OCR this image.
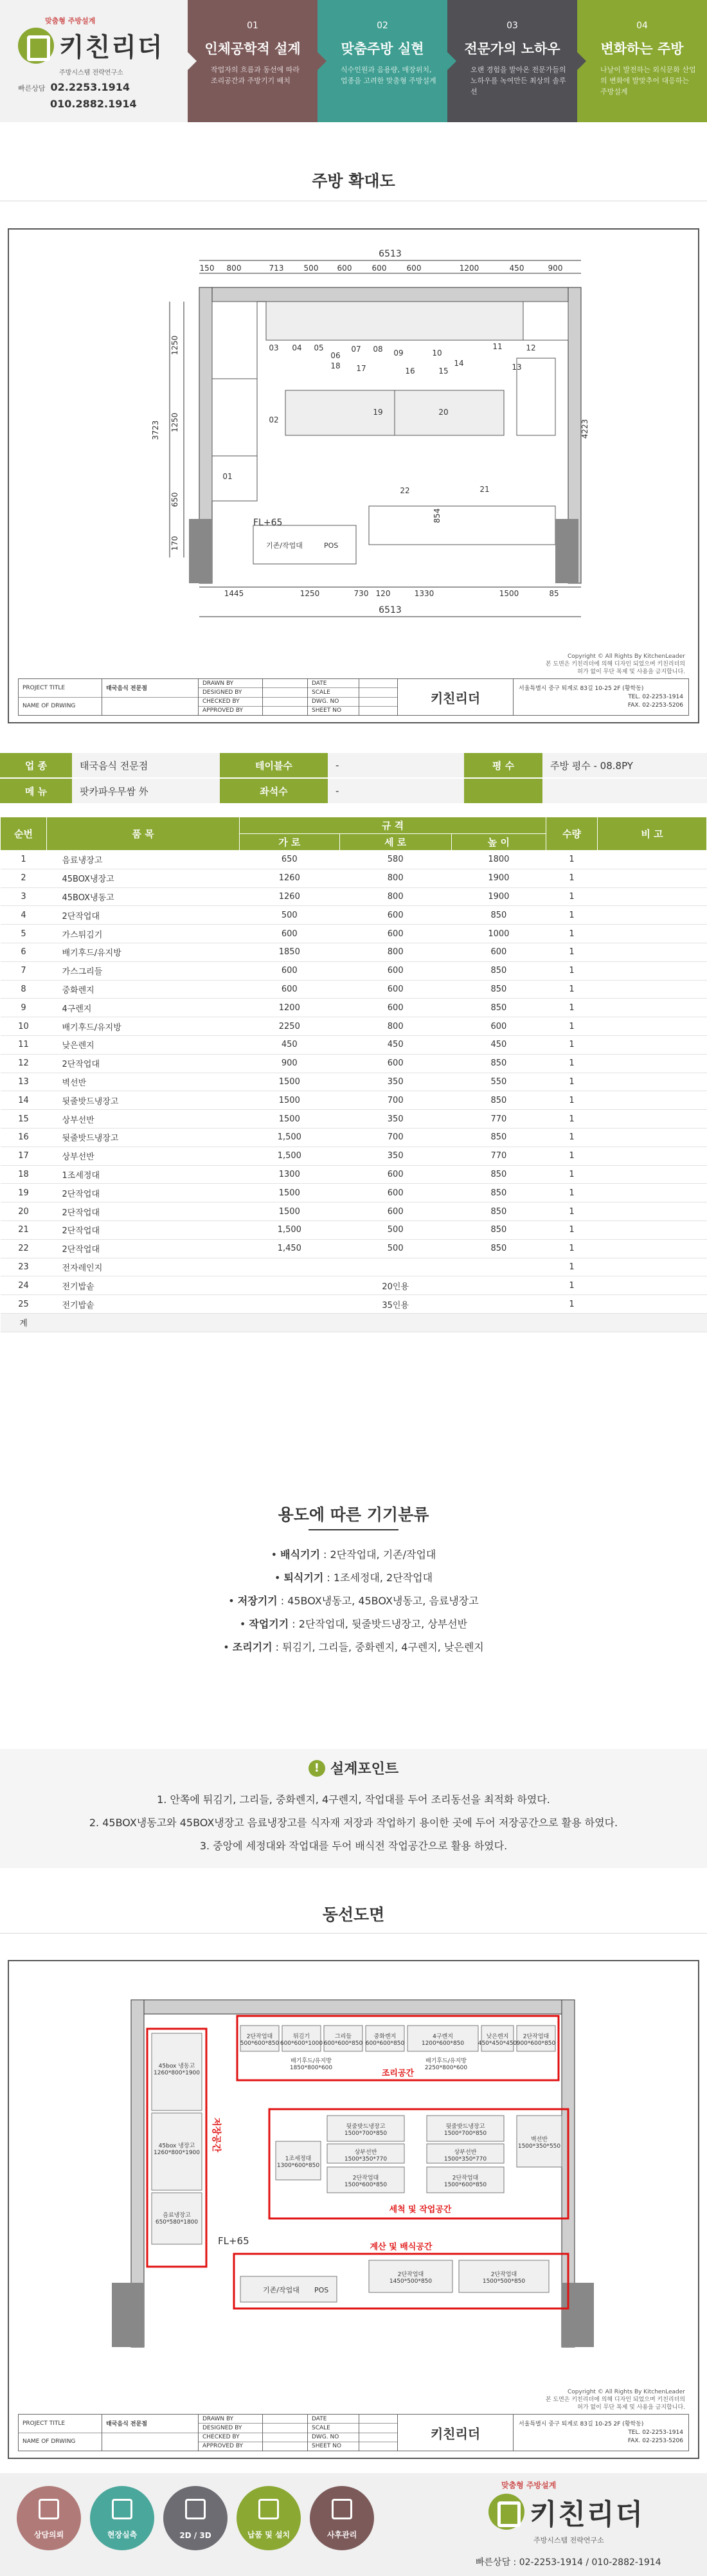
맞춤형 주방설계
키친리더
주방시스템 전략연구소
빠른상담 02.2253.1914
010.2882.1914
01
인체공학적 설계
작업자의 흐름과 동선에 따라 조리공간과 주방기기 배치
02
맞춤주방 실현
식수인원과 음용량, 매장위치, 업종을 고려한 맞춤형 주방설계
03
전문가의 노하우
오랜 경험을 발아온 전문가들의 노하우를 녹여만든 최상의 솔루션
04
변화하는 주방
나날이 발전하는 외식문화 산업의 변화에 발맞추어 대응하는 주방설계
주방 확대도
6513
150 800	713	500 600	600	600	1200	450	900
3723
1250
1250
650
170
4223
FL+65
기존/작업대	POS
854
01
02
03 04 05
06
07 08 09	10
11	12
13
14
15
16
17
18
19	20
21
22
1445	1250	730 120	1330	1500	85
6513
Copyright © All Rights By KitchenLeader
본 도면은 키친리더에 의해 디자인 되었으며 키친리더의
허가 없이 무단 복제 및 사용을 금지합니다.
PROJECT TITLE
NAME OF DRWING
태국음식 전문점
DRAWN BY
DESIGNED BY
CHECKED BY
APPROVED BY
DATE
SCALE
DWG. NO
SHEET NO
키친리더
서울특별시 중구 퇴계로 83길 10-25 2F (황학동)
TEL. 02-2253-1914
FAX. 02-2253-5206
업 종	태국음식 전문점	테이블수	-	평 수	주방 평수 - 08.8PY
메 뉴	팟카파우무쌈 外	좌석수	-
순번	품 목	규 격			수량	비 고
		가 로	세 로	높 이		
1	음료냉장고	650	580	1800	1	
2	45BOX냉장고	1260	800	1900	1	
3	45BOX냉동고	1260	800	1900	1	
4	2단작업대	500	600	850	1	
5	가스튀김기	600	600	1000	1	
6	배기후드/유지방	1850	800	600	1	
7	가스그리들	600	600	850	1	
8	중화렌지	600	600	850	1	
9	4구렌지	1200	600	850	1	
10	배기후드/유지방	2250	800	600	1	
11	낮은렌지	450	450	450	1	
12	2단작업대	900	600	850	1	
13	벽선반	1500	350	550	1	
14	뒷줄밧드냉장고	1500	700	850	1	
15	상부선반	1500	350	770	1	
16	뒷줄밧드냉장고	1,500	700	850	1	
17	상부선반	1,500	350	770	1	
18	1조세정대	1300	600	850	1	
19	2단작업대	1500	600	850	1	
20	2단작업대	1500	600	850	1	
21	2단작업대	1,500	500	850	1	
22	2단작업대	1,450	500	850	1	
23	전자레인지				1	
24	전기밥솥		20인용		1	
25	전기밥솥		35인용		1	
계						
용도에 따른 기기분류
• 배식기기 : 2단작업대, 기존/작업대
• 퇴식기기 : 1조세정대, 2단작업대
• 저장기기 : 45BOX냉동고, 45BOX냉동고, 음료냉장고
• 작업기기 : 2단작업대, 뒷줄밧드냉장고, 상부선반
• 조리기기 : 튀김기, 그리들, 중화렌지, 4구렌지, 낮은렌지
! 설계포인트
1. 안쪽에 튀김기, 그리들, 중화렌지, 4구렌지, 작업대를 두어 조리동선을 최적화 하였다.
2. 45BOX냉동고와 45BOX냉장고 음료냉장고를 식자재 저장과 작업하기 용이한 곳에 두어 저장공간으로 활용 하였다.
3. 중앙에 세정대와 작업대를 두어 배식전 작업공간으로 활용 하였다.
동선도면
45box 냉동고 1260*800*1900
45box 냉장고 1260*800*1900
음료냉장고 650*580*1800
저장공간
2단작업대 500*600*850
튀김기 600*600*1000
그리들 600*600*850
중화렌지 600*600*850
4구렌지 1200*600*850
낮은렌지 450*450*450
2단작업대 900*600*850
배기후드/유지방 1850*800*600
배기후드/유지방 2250*800*600
조리공간
뒷줄밧드냉장고 1500*700*850
상부선반 1500*350*770
1조세정대 1300*600*850
2단작업대 1500*600*850
뒷줄밧드냉장고 1500*700*850
상부선반 1500*350*770
2단작업대 1500*600*850
벽선반 1500*350*550
세척 및 작업공간
기존/작업대 POS
2단작업대 1450*500*850
2단작업대 1500*500*850
계산 및 배식공간
FL+65
Copyright © All Rights By KitchenLeader
본 도면은 키친리더에 의해 디자인 되었으며 키친리더의
허가 없이 무단 복제 및 사용을 금지합니다.
PROJECT TITLE
NAME OF DRWING
태국음식 전문점
DRAWN BY
DESIGNED BY
CHECKED BY
APPROVED BY
DATE
SCALE
DWG. NO
SHEET NO
키친리더
서울특별시 중구 퇴계로 83길 10-25 2F (황학동)
TEL. 02-2253-1914
FAX. 02-2253-5206
상담의뢰	현장실측	2D / 3D	납품 및 설치	사후관리
맞춤형 주방설계
키친리더
주방시스템 전략연구소
빠른상담 : 02-2253-1914 / 010-2882-1914
